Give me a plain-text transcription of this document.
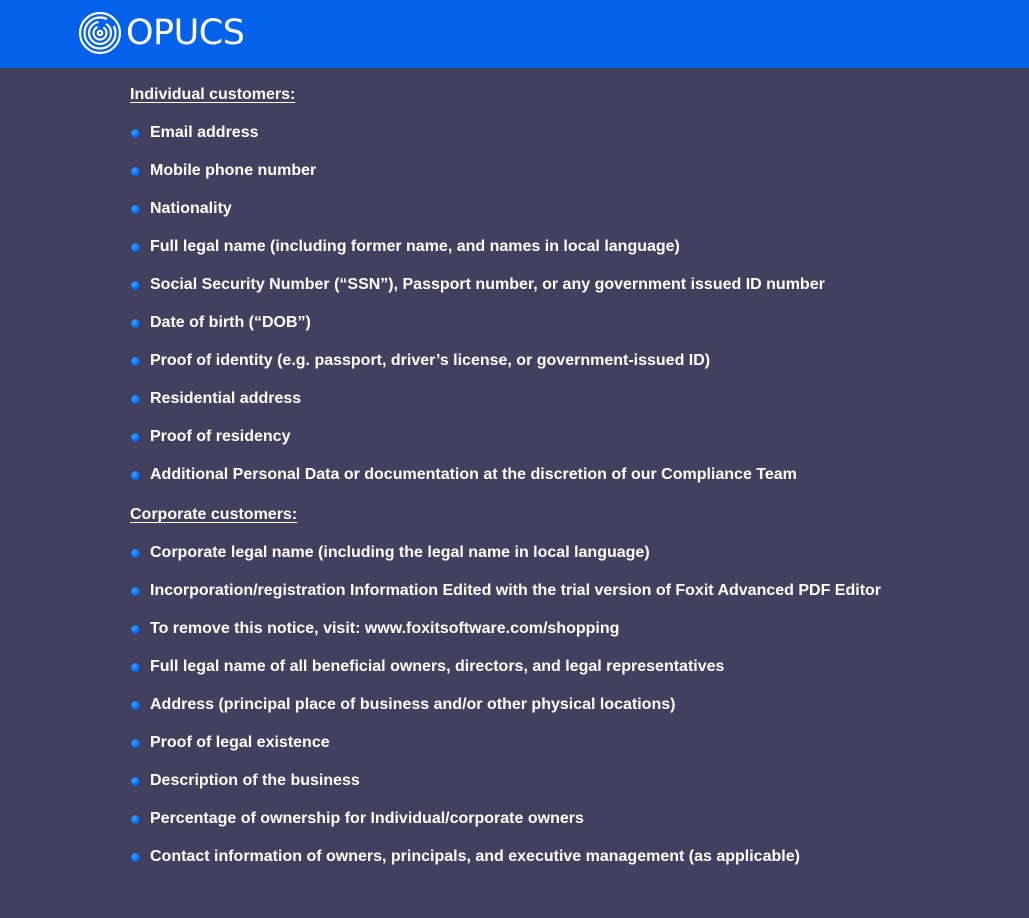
OPUCS

Individual customers:
Email address
Mobile phone number
Nationality
Full legal name (including former name, and names in local language)
Social Security Number (“SSN”), Passport number, or any government issued ID number
Date of birth (“DOB”)
Proof of identity (e.g. passport, driver’s license, or government-issued ID)
Residential address
Proof of residency
Additional Personal Data or documentation at the discretion of our Compliance Team
Corporate customers:
Corporate legal name (including the legal name in local language)
Incorporation/registration Information Edited with the trial version of Foxit Advanced PDF Editor
To remove this notice, visit: www.foxitsoftware.com/shopping
Full legal name of all beneficial owners, directors, and legal representatives
Address (principal place of business and/or other physical locations)
Proof of legal existence
Description of the business
Percentage of ownership for Individual/corporate owners
Contact information of owners, principals, and executive management (as applicable)
